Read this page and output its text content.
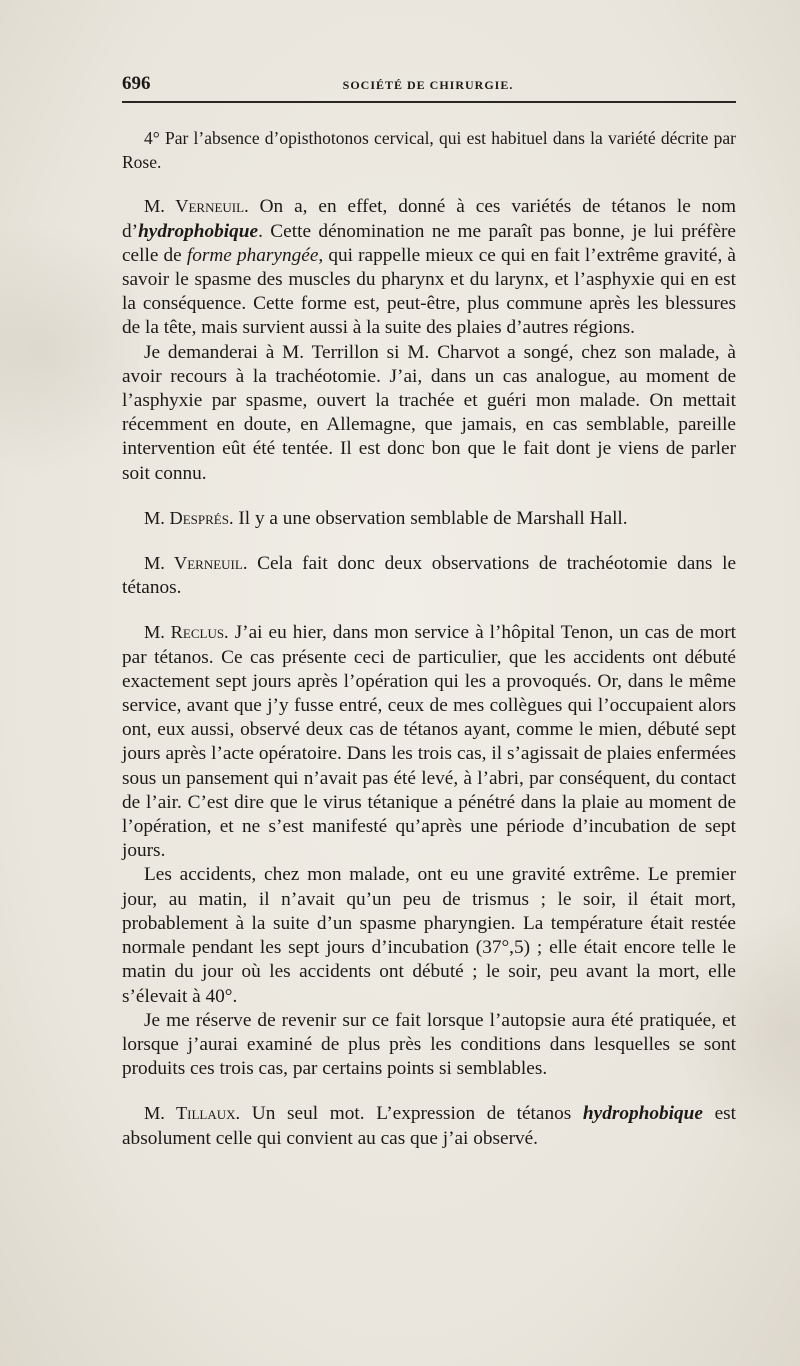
696	SOCIÉTÉ DE CHIRURGIE.

4° Par l’absence d’opisthotonos cervical, qui est habituel dans la variété décrite par Rose.

M. Verneuil. On a, en effet, donné à ces variétés de tétanos le nom d’hydrophobique. Cette dénomination ne me paraît pas bonne, je lui préfère celle de forme pharyngée, qui rappelle mieux ce qui en fait l’extrême gravité, à savoir le spasme des muscles du pharynx et du larynx, et l’asphyxie qui en est la conséquence. Cette forme est, peut-être, plus commune après les blessures de la tête, mais survient aussi à la suite des plaies d’autres régions.

Je demanderai à M. Terrillon si M. Charvot a songé, chez son malade, à avoir recours à la trachéotomie. J’ai, dans un cas analogue, au moment de l’asphyxie par spasme, ouvert la trachée et guéri mon malade. On mettait récemment en doute, en Allemagne, que jamais, en cas semblable, pareille intervention eût été tentée. Il est donc bon que le fait dont je viens de parler soit connu.

M. Després. Il y a une observation semblable de Marshall Hall.

M. Verneuil. Cela fait donc deux observations de trachéotomie dans le tétanos.

M. Reclus. J’ai eu hier, dans mon service à l’hôpital Tenon, un cas de mort par tétanos. Ce cas présente ceci de particulier, que les accidents ont débuté exactement sept jours après l’opération qui les a provoqués. Or, dans le même service, avant que j’y fusse entré, ceux de mes collègues qui l’occupaient alors ont, eux aussi, observé deux cas de tétanos ayant, comme le mien, débuté sept jours après l’acte opératoire. Dans les trois cas, il s’agissait de plaies enfermées sous un pansement qui n’avait pas été levé, à l’abri, par conséquent, du contact de l’air. C’est dire que le virus tétanique a pénétré dans la plaie au moment de l’opération, et ne s’est manifesté qu’après une période d’incubation de sept jours.

Les accidents, chez mon malade, ont eu une gravité extrême. Le premier jour, au matin, il n’avait qu’un peu de trismus ; le soir, il était mort, probablement à la suite d’un spasme pharyngien. La température était restée normale pendant les sept jours d’incubation (37°,5) ; elle était encore telle le matin du jour où les accidents ont débuté ; le soir, peu avant la mort, elle s’élevait à 40°.

Je me réserve de revenir sur ce fait lorsque l’autopsie aura été pratiquée, et lorsque j’aurai examiné de plus près les conditions dans lesquelles se sont produits ces trois cas, par certains points si semblables.

M. Tillaux. Un seul mot. L’expression de tétanos hydrophobique est absolument celle qui convient au cas que j’ai observé.
